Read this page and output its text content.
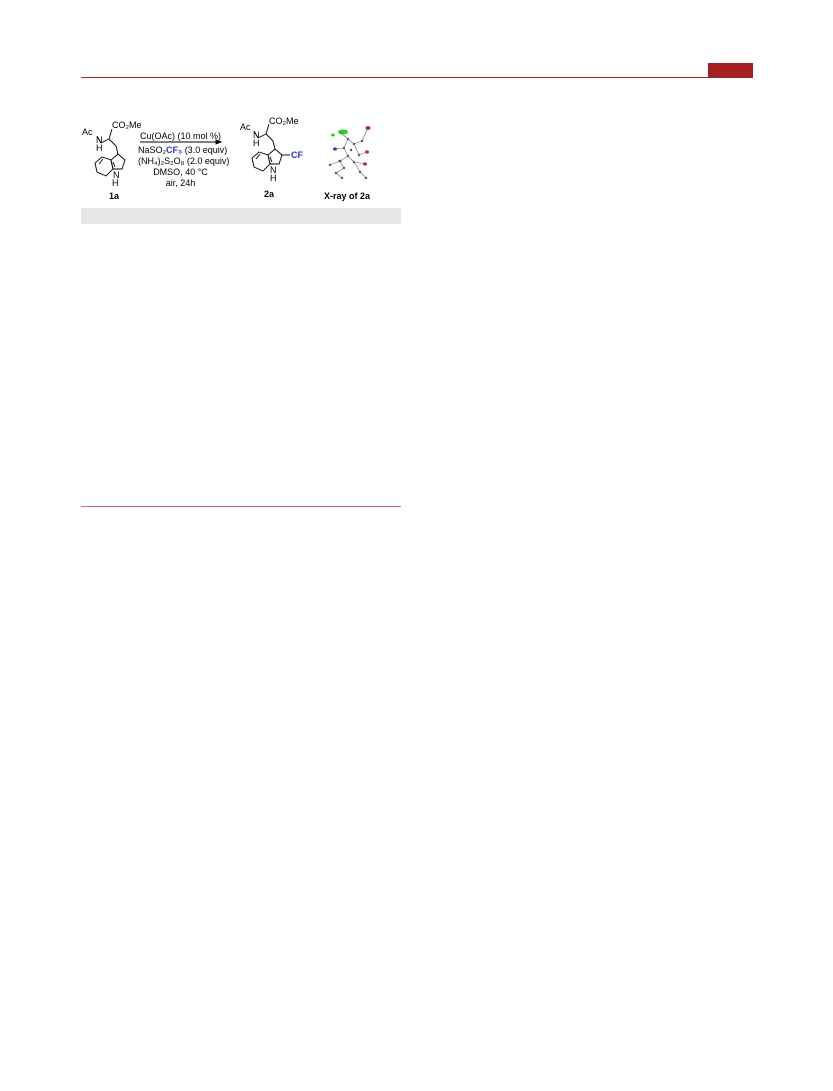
Ac
N
H
CO₂Me
N
H
1a
Cu(OAc) (10 mol %)
NaSO₂CF₃ (3.0 equiv)
(NH₄)₂S₂O₈ (2.0 equiv)
DMSO, 40 °C
air, 24h
Ac
N
H
CO₂Me
N
H
CF
2a	X-ray of 2a
